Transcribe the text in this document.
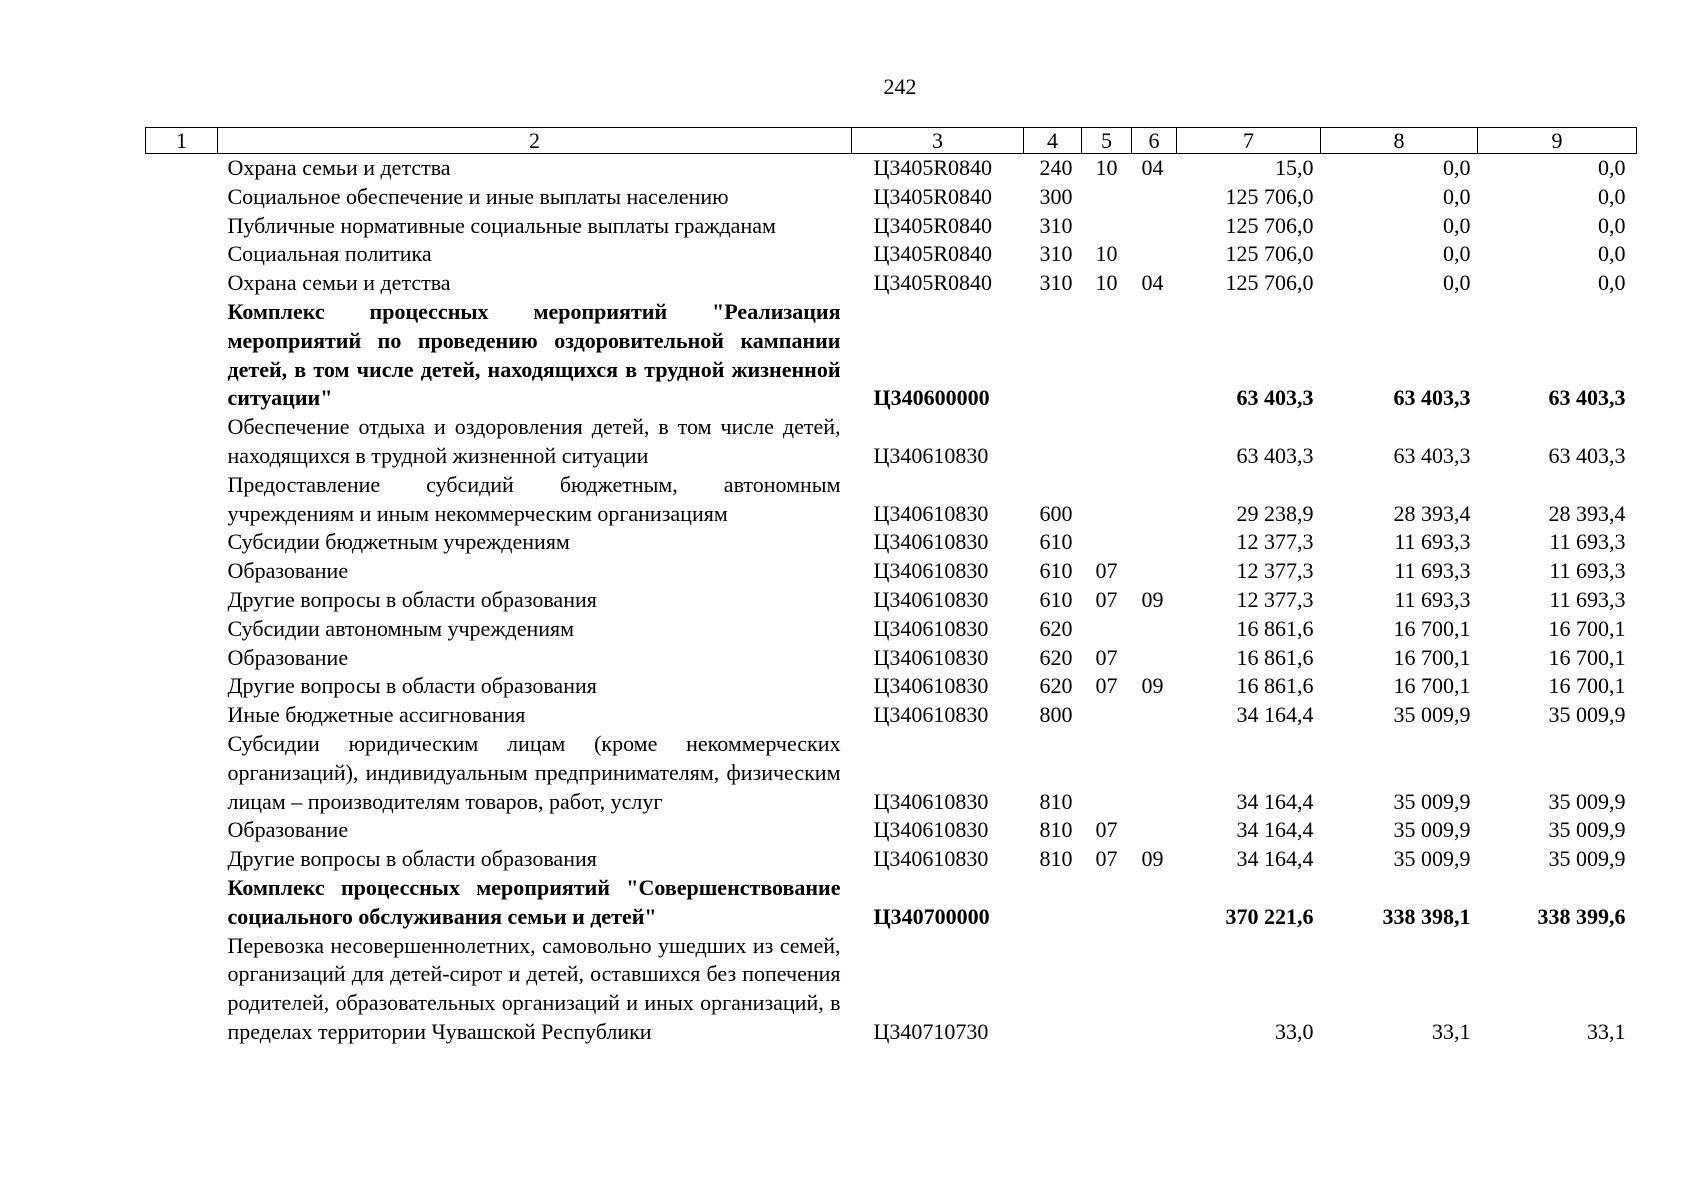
242
1	2	3	4	5	6	7	8	9
	Охрана семьи и детства	Ц3405R0840	240	10	04	15,0	0,0	0,0
	Социальное обеспечение и иные выплаты населению	Ц3405R0840	300			125 706,0	0,0	0,0
	Публичные нормативные социальные выплаты гражданам	Ц3405R0840	310			125 706,0	0,0	0,0
	Социальная политика	Ц3405R0840	310	10		125 706,0	0,0	0,0
	Охрана семьи и детства	Ц3405R0840	310	10	04	125 706,0	0,0	0,0
	Комплекс процессных мероприятий "Реализация мероприятий по проведению оздоровительной кампании детей, в том числе детей, находящихся в трудной жизненной ситуации"	Ц340600000				63 403,3	63 403,3	63 403,3
	Обеспечение отдыха и оздоровления детей, в том числе детей, находящихся в трудной жизненной ситуации	Ц340610830				63 403,3	63 403,3	63 403,3
	Предоставление субсидий бюджетным, автономным учреждениям и иным некоммерческим организациям	Ц340610830	600			29 238,9	28 393,4	28 393,4
	Субсидии бюджетным учреждениям	Ц340610830	610			12 377,3	11 693,3	11 693,3
	Образование	Ц340610830	610	07		12 377,3	11 693,3	11 693,3
	Другие вопросы в области образования	Ц340610830	610	07	09	12 377,3	11 693,3	11 693,3
	Субсидии автономным учреждениям	Ц340610830	620			16 861,6	16 700,1	16 700,1
	Образование	Ц340610830	620	07		16 861,6	16 700,1	16 700,1
	Другие вопросы в области образования	Ц340610830	620	07	09	16 861,6	16 700,1	16 700,1
	Иные бюджетные ассигнования	Ц340610830	800			34 164,4	35 009,9	35 009,9
	Субсидии юридическим лицам (кроме некоммерческих организаций), индивидуальным предпринимателям, физическим лицам – производителям товаров, работ, услуг	Ц340610830	810			34 164,4	35 009,9	35 009,9
	Образование	Ц340610830	810	07		34 164,4	35 009,9	35 009,9
	Другие вопросы в области образования	Ц340610830	810	07	09	34 164,4	35 009,9	35 009,9
	Комплекс процессных мероприятий "Совершенствование социального обслуживания семьи и детей"	Ц340700000				370 221,6	338 398,1	338 399,6
	Перевозка несовершеннолетних, самовольно ушедших из семей, организаций для детей-сирот и детей, оставшихся без попечения родителей, образовательных организаций и иных организаций, в пределах территории Чувашской Республики	Ц340710730				33,0	33,1	33,1
